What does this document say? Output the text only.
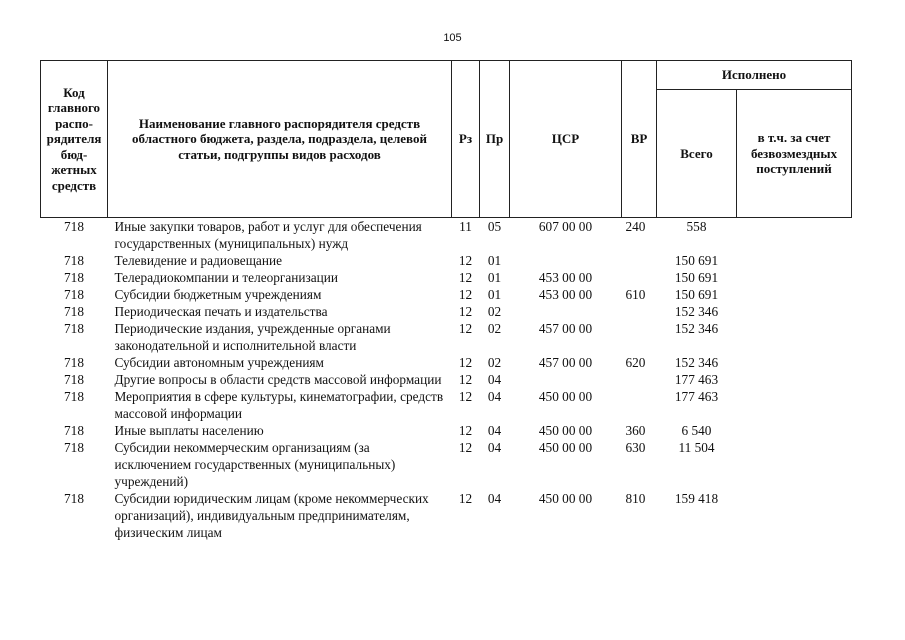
105
Код главного распо-рядителя бюд-жетных средств	Наименование главного распорядителя средств областного бюджета, раздела, подраздела, целевой статьи, подгруппы видов расходов	Рз	Пр	ЦСР	ВР	Исполнено	
						Всего	в т.ч. за счет безвозмездных поступлений
718	Иные закупки товаров, работ и услуг для обеспечения государственных (муниципальных) нужд	11	05	607 00 00	240	558	
718	Телевидение и радиовещание	12	01			150 691	
718	Телерадиокомпании и телеорганизации	12	01	453 00 00		150 691	
718	Субсидии бюджетным учреждениям	12	01	453 00 00	610	150 691	
718	Периодическая печать и издательства	12	02			152 346	
718	Периодические издания, учрежденные органами законодательной и исполнительной власти	12	02	457 00 00		152 346	
718	Субсидии автономным учреждениям	12	02	457 00 00	620	152 346	
718	Другие вопросы в области средств массовой информации	12	04			177 463	
718	Мероприятия в сфере культуры, кинематографии, средств массовой информации	12	04	450 00 00		177 463	
718	Иные выплаты населению	12	04	450 00 00	360	6 540	
718	Субсидии некоммерческим организациям (за исключением государственных (муниципальных) учреждений)	12	04	450 00 00	630	11 504	
718	Субсидии юридическим лицам (кроме некоммерческих организаций), индивидуальным предпринимателям, физическим лицам	12	04	450 00 00	810	159 418	
